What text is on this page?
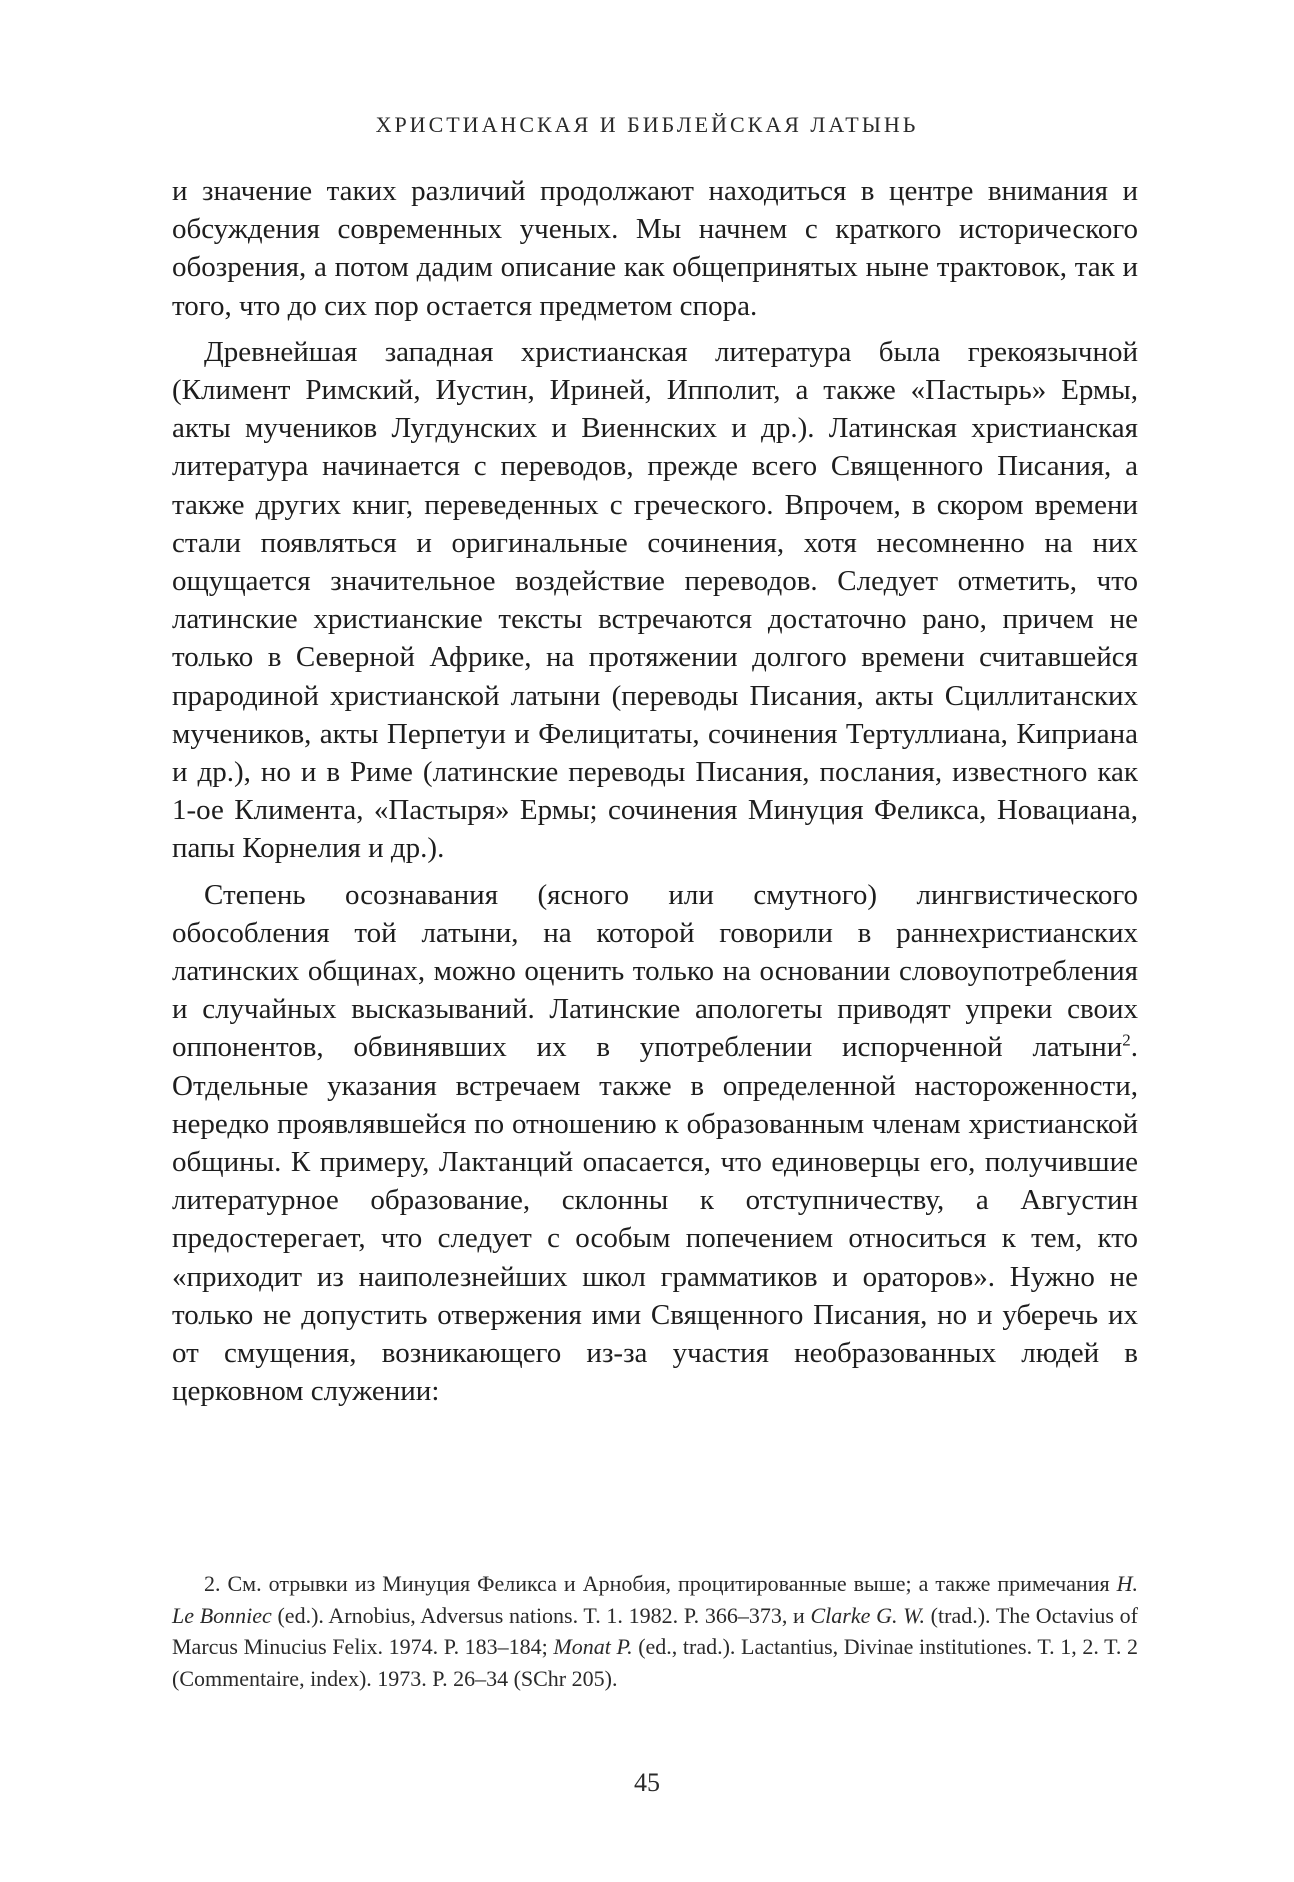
ХРИСТИАНСКАЯ И БИБЛЕЙСКАЯ ЛАТЫНЬ

и значение таких различий продолжают находиться в центре внимания и обсуждения современных ученых. Мы начнем с краткого исторического обозрения, а потом дадим описание как общепринятых ныне трактовок, так и того, что до сих пор остается предметом спора.

Древнейшая западная христианская литература была грекоязычной (Климент Римский, Иустин, Ириней, Ипполит, а также «Пастырь» Ермы, акты мучеников Лугдунских и Виеннских и др.). Латинская христианская литература начинается с переводов, прежде всего Священного Писания, а также других книг, переведенных с греческого. Впрочем, в скором времени стали появляться и оригинальные сочинения, хотя несомненно на них ощущается значительное воздействие переводов. Следует отметить, что латинские христианские тексты встречаются достаточно рано, причем не только в Северной Африке, на протяжении долгого времени считавшейся прародиной христианской латыни (переводы Писания, акты Сциллитанских мучеников, акты Перпетуи и Фелицитаты, сочинения Тертуллиана, Киприана и др.), но и в Риме (латинские переводы Писания, послания, известного как 1-ое Климента, «Пастыря» Ермы; сочинения Минуция Феликса, Новациана, папы Корнелия и др.).

Степень осознавания (ясного или смутного) лингвистического обособления той латыни, на которой говорили в раннехристианских латинских общинах, можно оценить только на основании словоупотребления и случайных высказываний. Латинские апологеты приводят упреки своих оппонентов, обвинявших их в употреблении испорченной латыни$^2$. Отдельные указания встречаем также в определенной настороженности, нередко проявлявшейся по отношению к образованным членам христианской общины. К примеру, Лактанций опасается, что единоверцы его, получившие литературное образование, склонны к отступничеству, а Августин предостерегает, что следует с особым попечением относиться к тем, кто «приходит из наиполезнейших школ грамматиков и ораторов». Нужно не только не допустить отвержения ими Священного Писания, но и уберечь их от смущения, возникающего из-за участия необразованных людей в церковном служении:

2. См. отрывки из Минуция Феликса и Арнобия, процитированные выше; а также примечания H. Le Bonniec (ed.). Arnobius, Adversus nations. T. 1. 1982. P. 366–373, и Clarke G. W. (trad.). The Octavius of Marcus Minucius Felix. 1974. P. 183–184; Monat P. (ed., trad.). Lactantius, Divinae institutiones. T. 1, 2. T. 2 (Commentaire, index). 1973. P. 26–34 (SChr 205).

45
